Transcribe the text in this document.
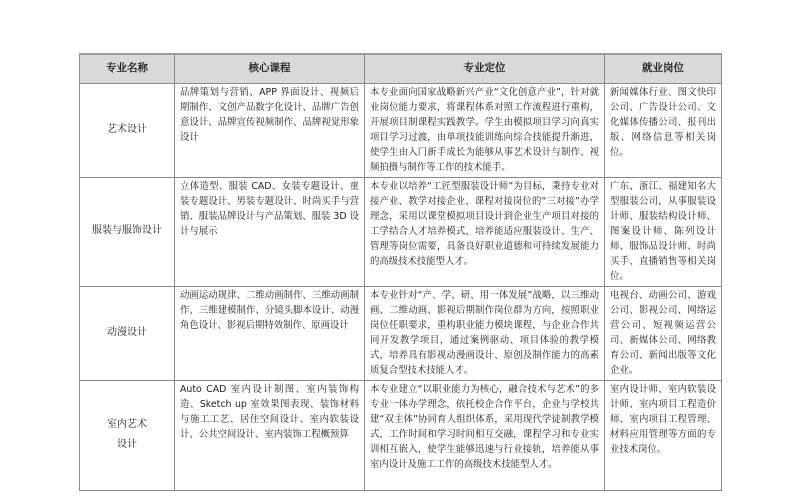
专业名称	核心课程	专业定位	就业岗位

艺术设计	品牌策划与营销、APP 界面设计、视频后期制作、文创产品数字化设计、品牌广告创意设计、品牌宣传视频制作、品牌视觉形象设计	本专业面向国家战略新兴产业“文化创意产业”，针对就业岗位能力要求，将课程体系对照工作流程进行重构，开展项目制课程实践教学。学生由模拟项目学习向真实项目学习过渡，由单项技能训练向综合技能提升渐进，使学生由入门新手成长为能够从事艺术设计与制作、视频拍摄与制作等工作的技术能手。	新闻媒体行业、图文快印公司、广告设计公司、文化媒体传播公司、报刊出版、网络信息等相关岗位。

服装与服饰设计	立体造型、服装 CAD、女装专题设计、童装专题设计、男装专题设计、时尚买手与营销、服装品牌设计与产品策划、服装 3D 设计与展示	本专业以培养“工匠型服装设计师”为目标，秉持专业对接产业、教学对接企业、课程对接岗位的“三对接”办学理念，采用以课堂模拟项目设计到企业生产项目对接的工学结合人才培养模式，培养能适应服装设计、生产、管理等岗位需要，具备良好职业道德和可持续发展能力的高级技术技能型人才。	广东、浙江、福建知名大型服装公司，从事服装设计师、服装结构设计师、图案设计师、陈列设计师、服饰品设计师、时尚买手、直播销售等相关岗位。

动漫设计	动画运动规律、二维动画制作、三维动画制作、三维建模制作、分镜头脚本设计、动漫角色设计、影视后期特效制作、原画设计	本专业针对“产、学、研、用一体发展”战略，以三维动画、二维动画、影视后期制作岗位群为方向，按照职业岗位任职要求，重构职业能力模块课程，与企业合作共同开发教学项目，通过案例驱动、项目体验的教学模式，培养具有影视动漫画设计、原创及制作能力的高素质复合型技术技能人才。	电视台、动画公司、游戏公司、影视公司、网络运营公司、短视频运营公司、新媒体公司、网络教育公司、新闻出版等文化企业。

室内艺术
设计	Auto CAD 室内设计制图、室内装饰构造、Sketch up 室效果图表现、装饰材料与施工工艺、居住空间设计、室内软装设计、公共空间设计、室内装饰工程概预算	本专业建立“以职业能力为核心，融合技术与艺术”的多专业一体办学理念，依托校企合作平台，企业与学校共建“双主体”协同育人组织体系，采用现代学徒制教学模式，工作时间和学习时间相互交融，课程学习和专业实训相互嵌入，使学生能够迅速与行业接轨，培养能从事室内设计及施工工作的高级技术技能型人才。	室内设计师、室内软装设计师、室内项目工程造价师、室内项目工程管理、材料应用管理等方面的专业技术岗位。
